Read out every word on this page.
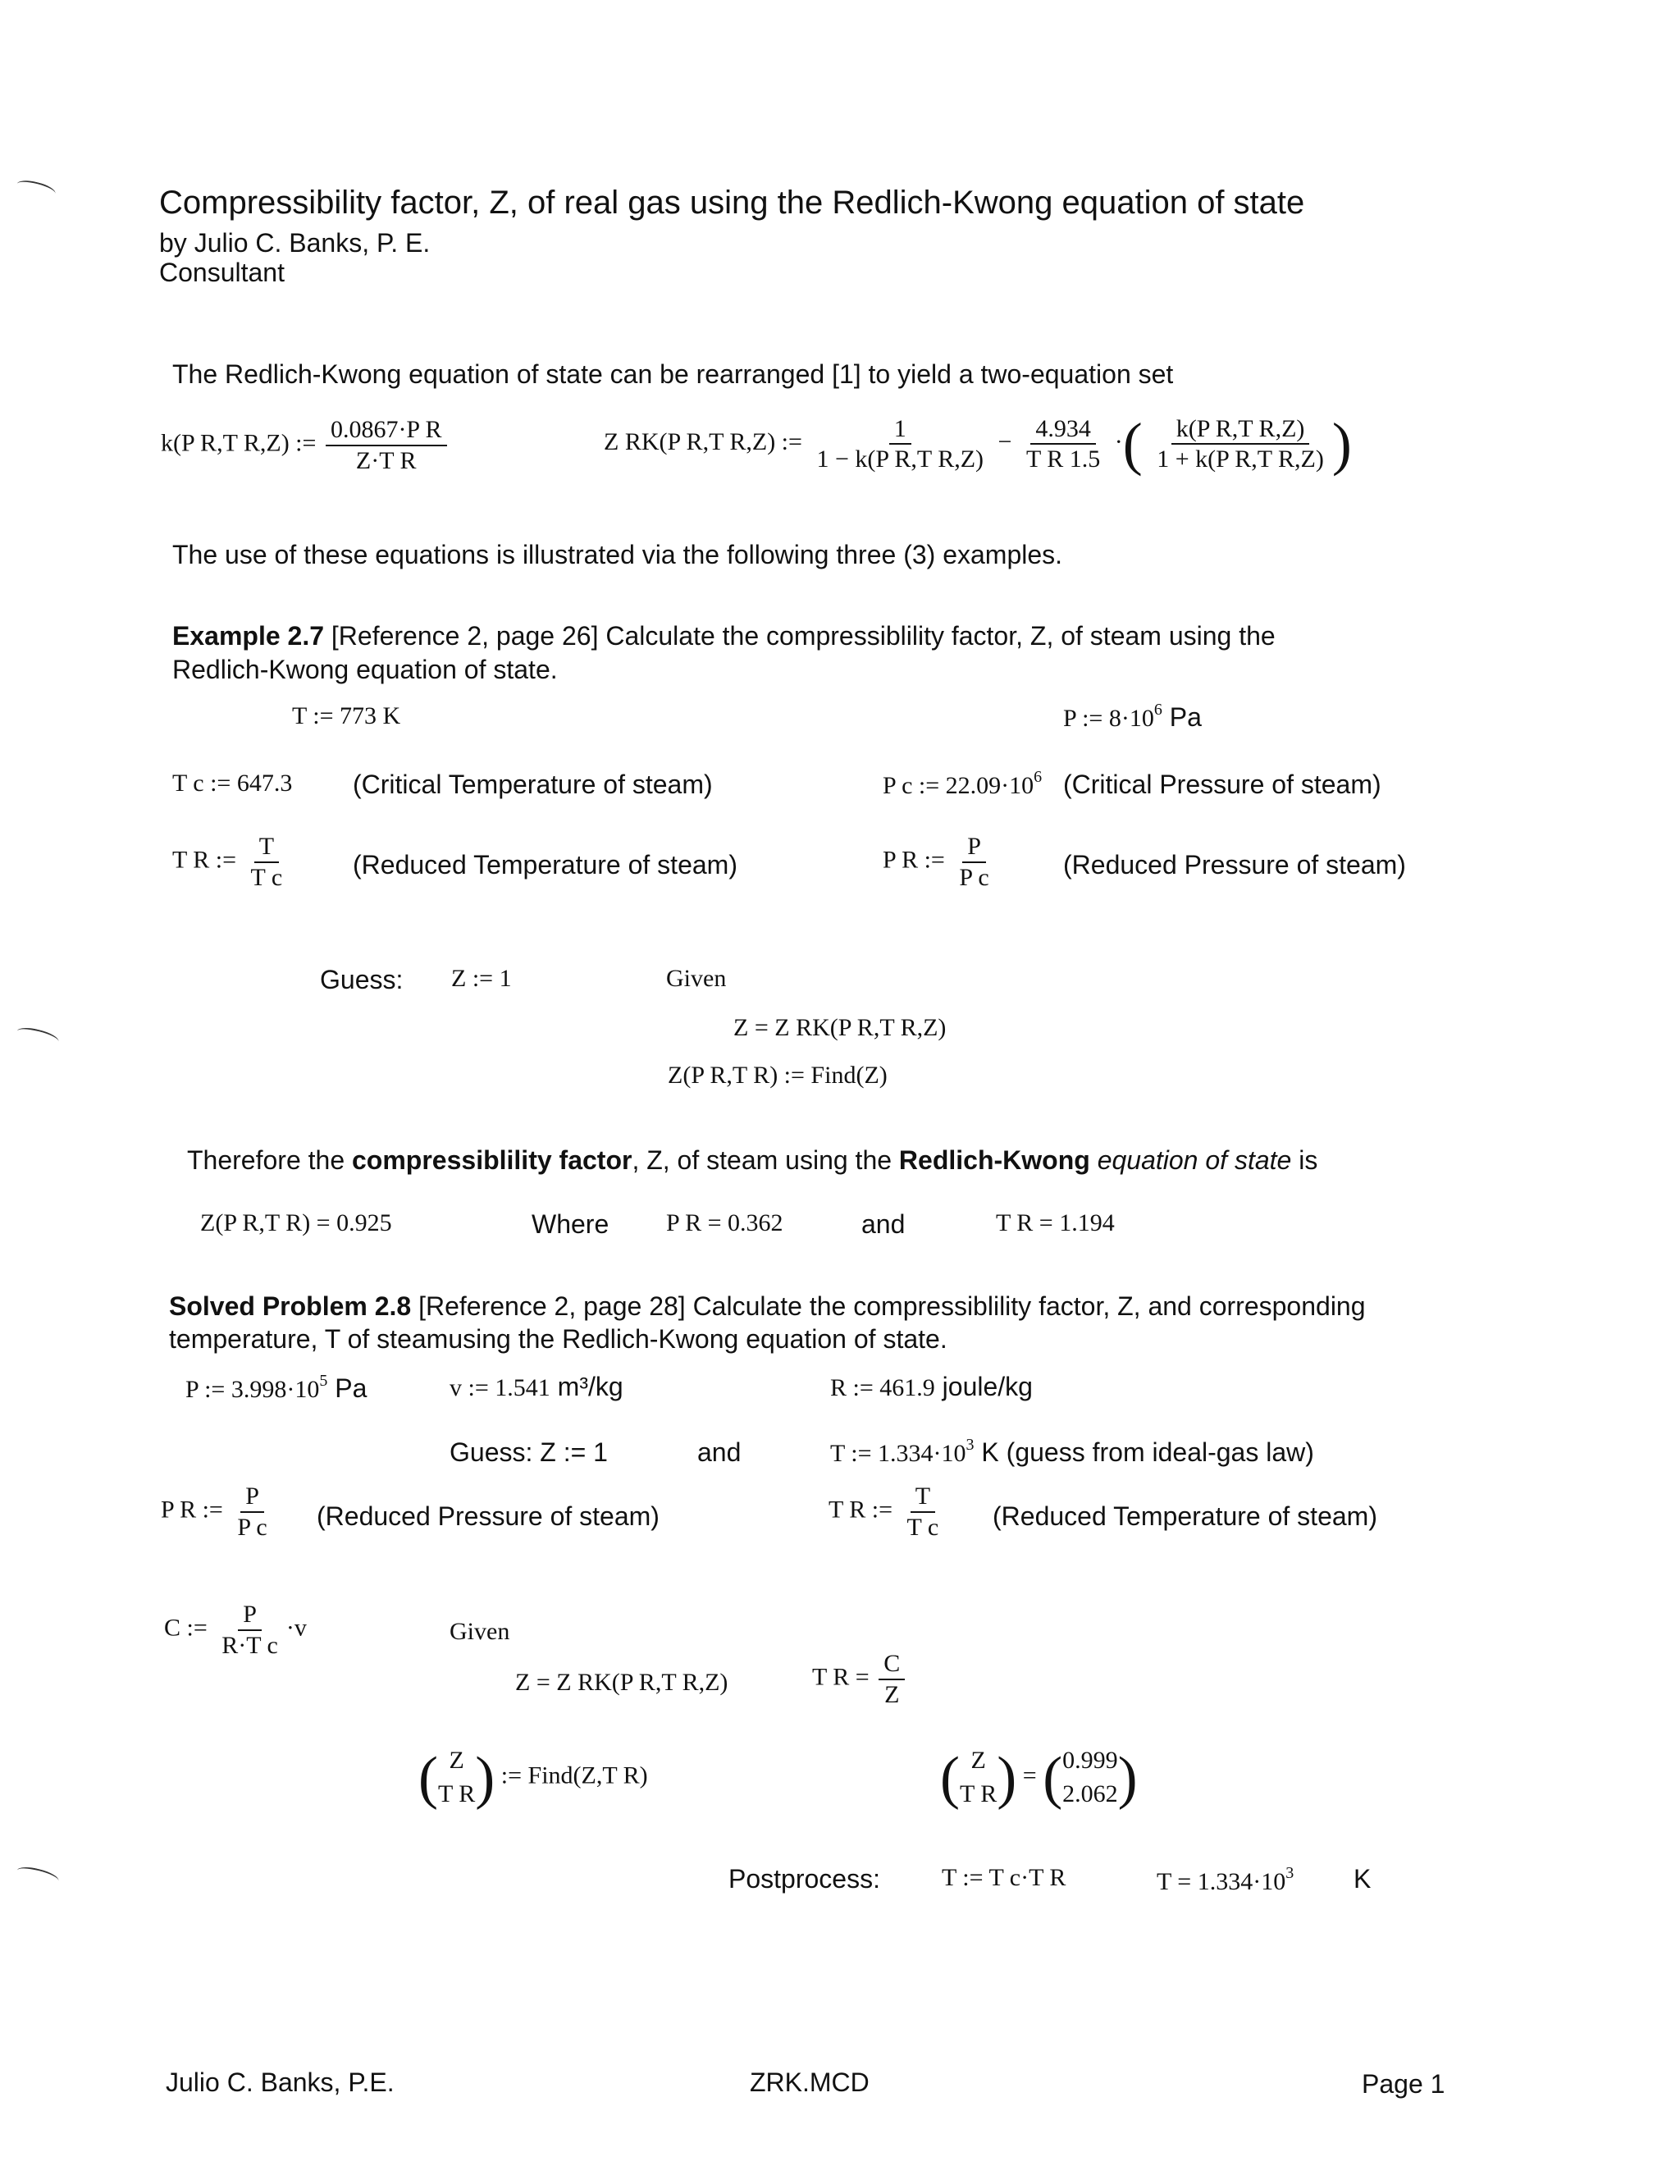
Compressibility factor, Z, of real gas using the Redlich-Kwong equation of state
by Julio C. Banks, P. E.
Consultant
The Redlich-Kwong equation of state can be rearranged [1] to yield a two-equation set
k(P R,T R,Z) := $\frac{\text{0.0867·P R}}{\text{Z·T R}}$	Z RK(P R,T R,Z) := $\frac{1}{\text{1 − k(P R,T R,Z)}} - \frac{4.934}{\text{T R 1.5}}$ ·( $\frac{\text{k(P R,T R,Z)}}{\text{1 + k(P R,T R,Z)}}$ )
The use of these equations is illustrated via the following three (3) examples.
Example 2.7 [Reference 2, page 26] Calculate the compressiblility factor, Z, of steam using the
Redlich-Kwong equation of state.
T := 773 K	P := $8\cdot 10^6$ Pa
T c := 647.3 (Critical Temperature of steam)	P c := $22.09\cdot 10^6$ (Critical Pressure of steam)
T R := $\frac{T}{\text{T c}}$ (Reduced Temperature of steam)	P R := $\frac{P}{\text{P c}}$	(Reduced Pressure of steam)
Guess: Z := 1	Given
Z = Z RK(P R,T R,Z)
Z(P R,T R) := Find(Z)
Therefore the compressiblility factor, Z, of steam using the Redlich-Kwong equation of state is
Z(P R,T R) = 0.925	Where P R = 0.362	and	T R = 1.194
Solved Problem 2.8 [Reference 2, page 28] Calculate the compressiblility factor, Z, and corresponding
temperature, T of steamusing the Redlich-Kwong equation of state.
P := $3.998\cdot 10^5$ Pa	v := 1.541 m³/kg	R := 461.9 joule/kg
Guess: Z := 1	and	T := $1.334\cdot 10^3$ K (guess from ideal-gas law)
P R := $\frac{P}{\text{P c}}$ (Reduced Pressure of steam)	T R := $\frac{T}{\text{T c}}$ (Reduced Temperature of steam)
C := $\frac{P}{\text{R·T c}} \cdot v$	Given
Z = Z RK(P R,T R,Z)	T $R = \frac{C}{Z}$
( Z
T R ) := Find(Z,T R)	( Z
T R ) = ( 0.999
2.062 )
Postprocess:	T := T c·T R	$T = 1.334\cdot 10^3$ K
Julio C. Banks, P.E.	ZRK.MCD	Page 1
